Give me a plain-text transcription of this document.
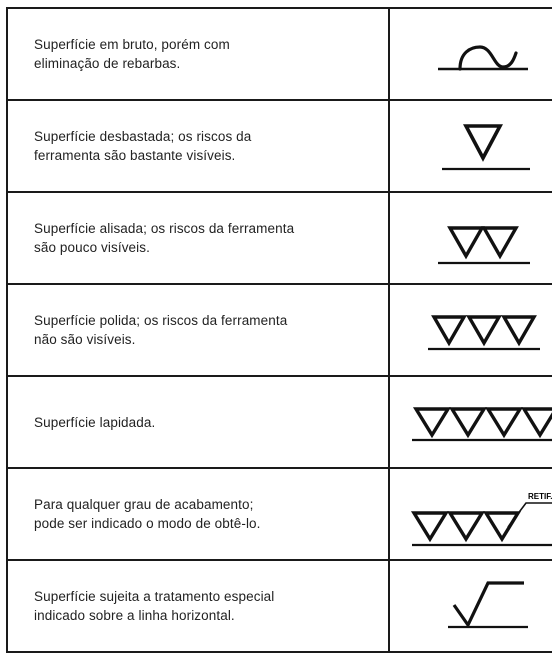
Superfície em bruto, porém com
eliminação de rebarbas.

Superfície desbastada; os riscos da
ferramenta são bastante visíveis.

Superfície alisada; os riscos da ferramenta
são pouco visíveis.

Superfície polida; os riscos da ferramenta
não são visíveis.

Superfície lapidada.

Para qualquer grau de acabamento;
pode ser indicado o modo de obtê-lo.	RETIF.

Superfície sujeita a tratamento especial
indicado sobre a linha horizontal.
